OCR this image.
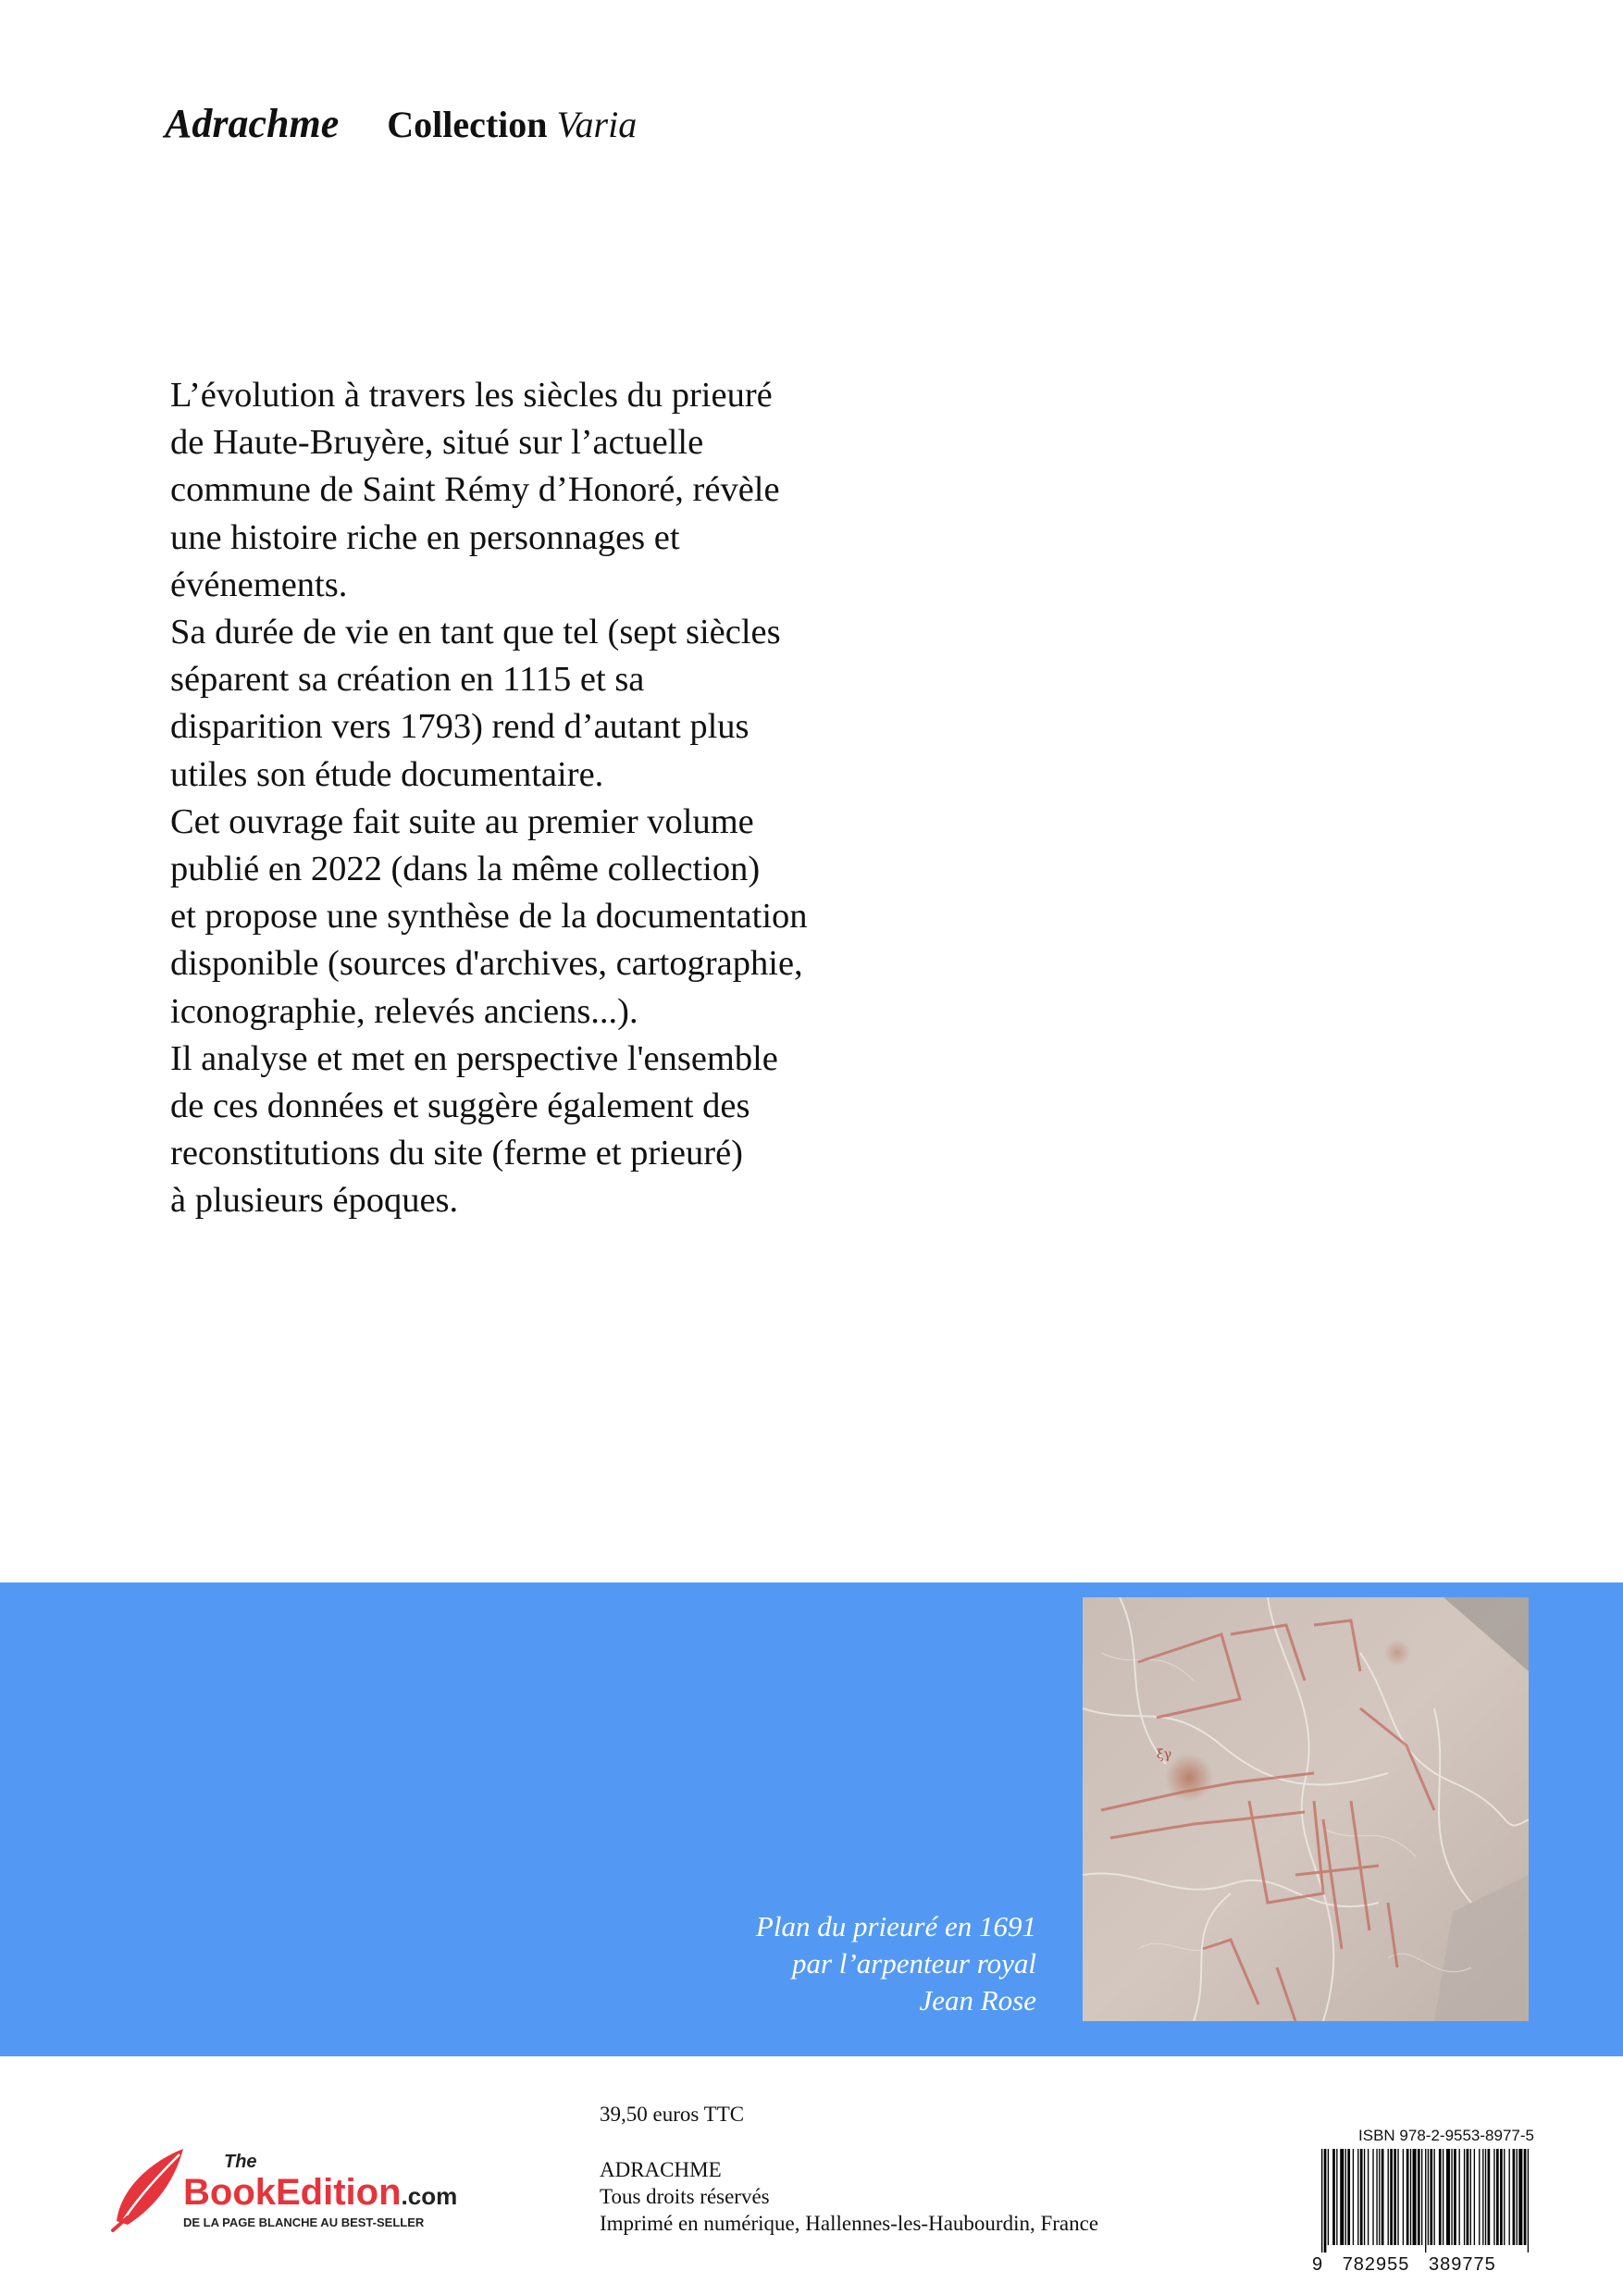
Adrachme Collection Varia
L’évolution à travers les siècles du prieuré
de Haute-Bruyère, situé sur l’actuelle
commune de Saint Rémy d’Honoré, révèle
une histoire riche en personnages et
événements.
Sa durée de vie en tant que tel (sept siècles
séparent sa création en 1115 et sa
disparition vers 1793) rend d’autant plus
utiles son étude documentaire.
Cet ouvrage fait suite au premier volume
publié en 2022 (dans la même collection)
et propose une synthèse de la documentation
disponible (sources d'archives, cartographie,
iconographie, relevés anciens...).
Il analyse et met en perspective l'ensemble
de ces données et suggère également des
reconstitutions du site (ferme et prieuré)
à plusieurs époques.
ξγ
Plan du prieuré en 1691
par l’arpenteur royal
Jean Rose
The
BookEdition.com
DE LA PAGE BLANCHE AU BEST-SELLER
39,50 euros TTC
ADRACHME
Tous droits réservés
Imprimé en numérique, Hallennes-les-Haubourdin, France
ISBN 978-2-9553-8977-5
9 782955 389775
